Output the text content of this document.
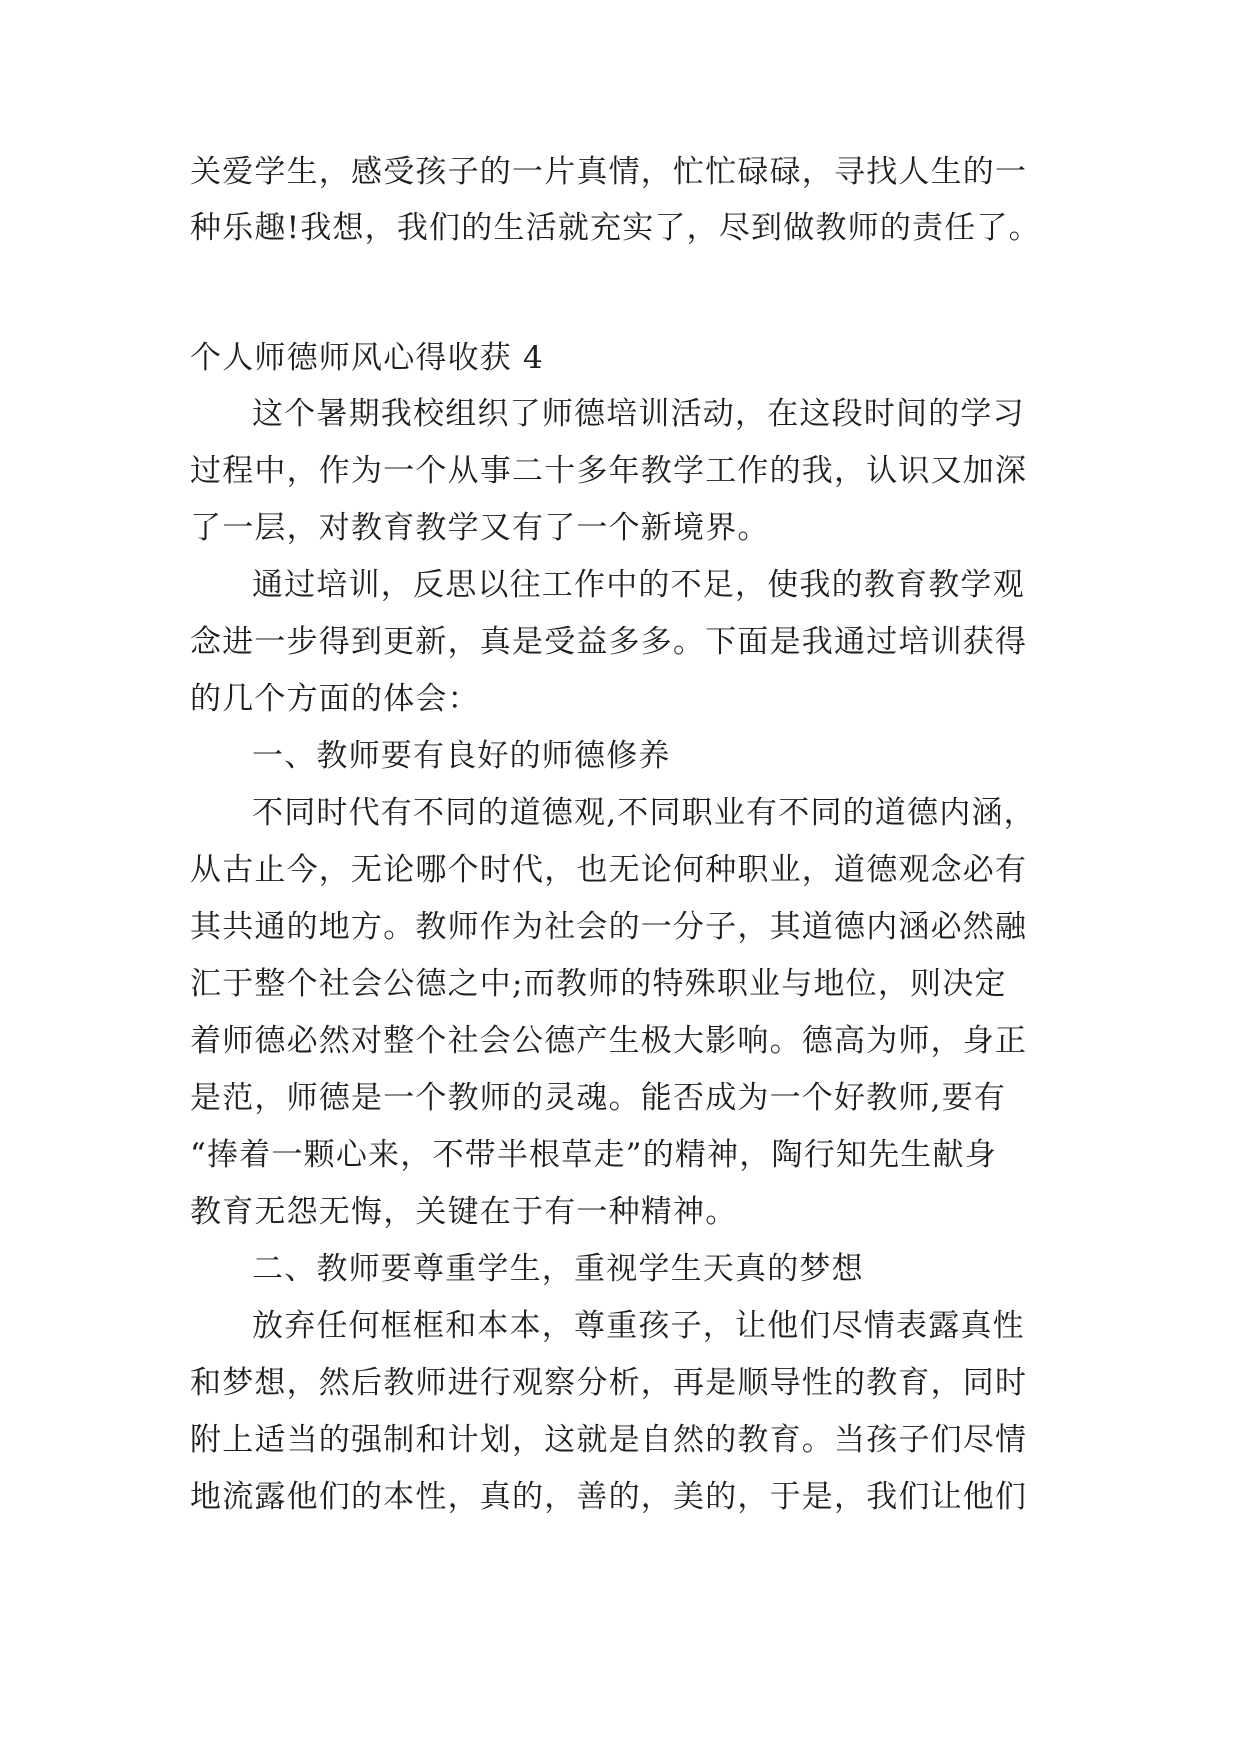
关爱学生，感受孩子的一片真情，忙忙碌碌，寻找人生的一
种乐趣!我想，我们的生活就充实了，尽到做教师的责任了。
个人师德师风心得收获 4
这个暑期我校组织了师德培训活动，在这段时间的学习
过程中，作为一个从事二十多年教学工作的我，认识又加深
了一层，对教育教学又有了一个新境界。
通过培训，反思以往工作中的不足，使我的教育教学观
念进一步得到更新，真是受益多多。下面是我通过培训获得
的几个方面的体会：
一、教师要有良好的师德修养
不同时代有不同的道德观,不同职业有不同的道德内涵，
从古止今，无论哪个时代，也无论何种职业，道德观念必有
其共通的地方。教师作为社会的一分子，其道德内涵必然融
汇于整个社会公德之中;而教师的特殊职业与地位，则决定
着师德必然对整个社会公德产生极大影响。德高为师，身正
是范，师德是一个教师的灵魂。能否成为一个好教师,要有
“捧着一颗心来，不带半根草走”的精神，陶行知先生献身
教育无怨无悔，关键在于有一种精神。
二、教师要尊重学生，重视学生天真的梦想
放弃任何框框和本本，尊重孩子，让他们尽情表露真性
和梦想，然后教师进行观察分析，再是顺导性的教育，同时
附上适当的强制和计划，这就是自然的教育。当孩子们尽情
地流露他们的本性，真的，善的，美的，于是，我们让他们
